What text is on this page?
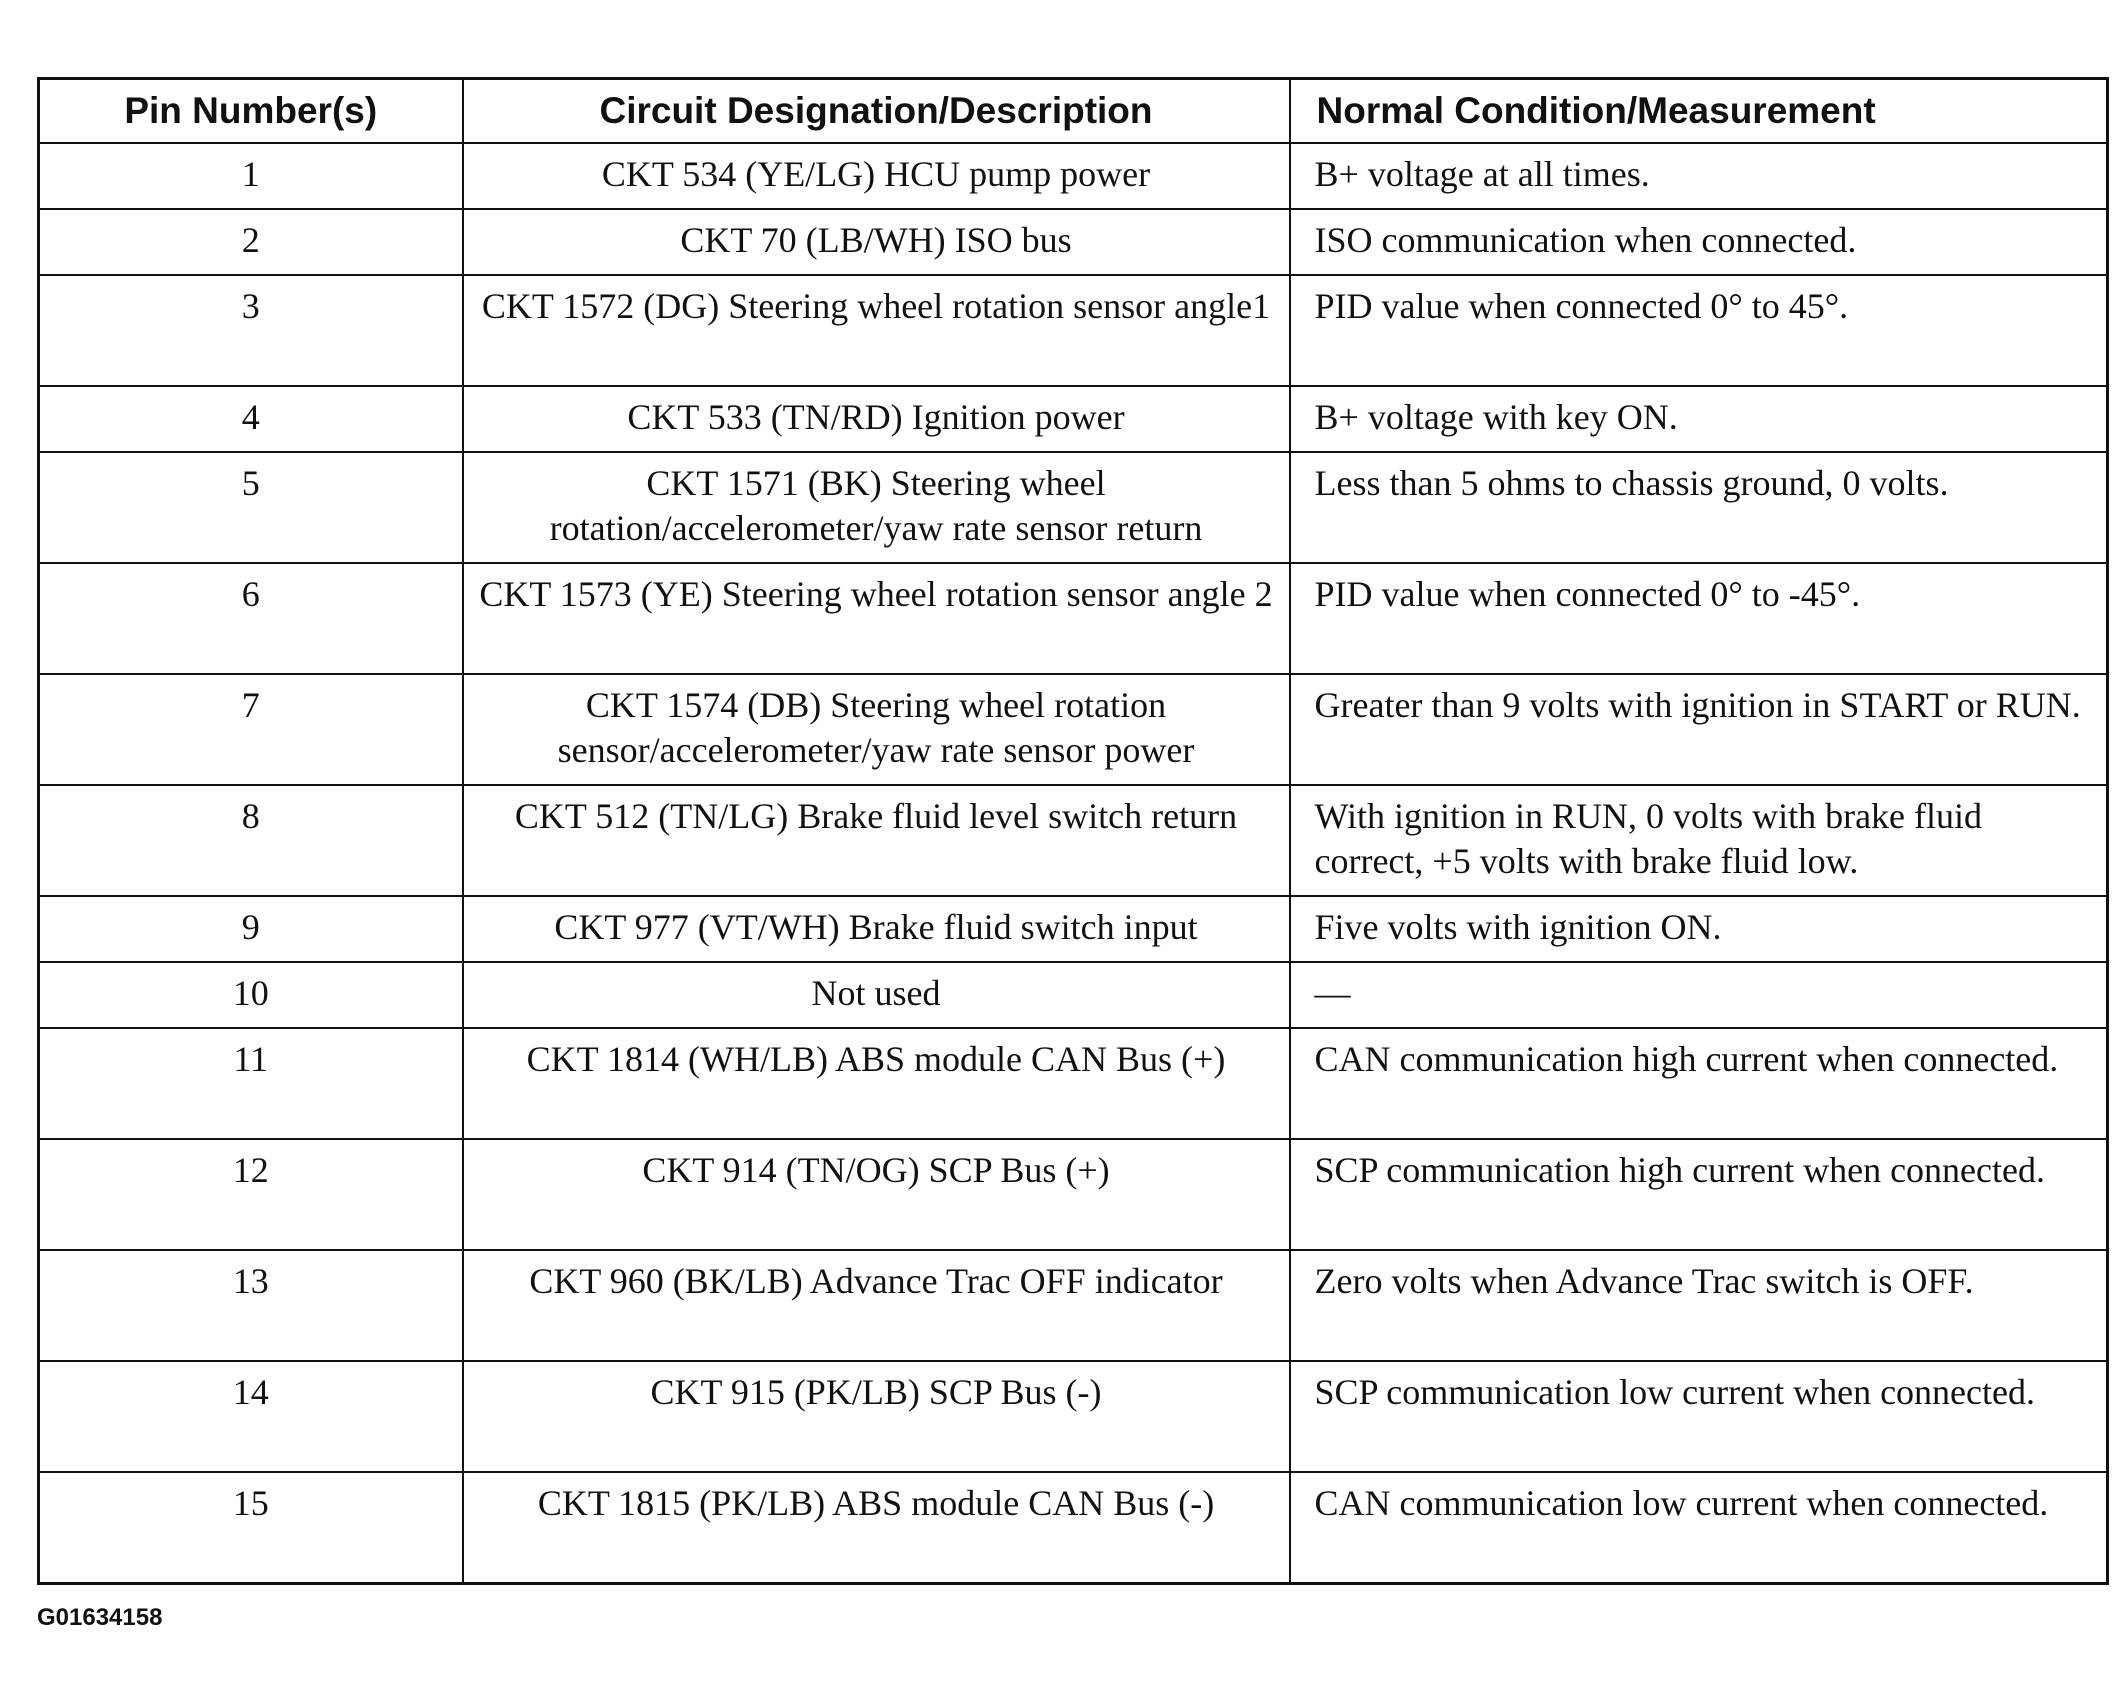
Pin Number(s)	Circuit Designation/Description	Normal Condition/Measurement
1	CKT 534 (YE/LG) HCU pump power	B+ voltage at all times.
2	CKT 70 (LB/WH) ISO bus	ISO communication when connected.
3	CKT 1572 (DG) Steering wheel rotation sensor angle1	PID value when connected 0° to 45°.
4	CKT 533 (TN/RD) Ignition power	B+ voltage with key ON.
5	CKT 1571 (BK) Steering wheel rotation/accelerometer/yaw rate sensor return	Less than 5 ohms to chassis ground, 0 volts.
6	CKT 1573 (YE) Steering wheel rotation sensor angle 2	PID value when connected 0° to -45°.
7	CKT 1574 (DB) Steering wheel rotation sensor/accelerometer/yaw rate sensor power	Greater than 9 volts with ignition in START or RUN.
8	CKT 512 (TN/LG) Brake fluid level switch return	With ignition in RUN, 0 volts with brake fluid correct, +5 volts with brake fluid low.
9	CKT 977 (VT/WH) Brake fluid switch input	Five volts with ignition ON.
10	Not used	—
11	CKT 1814 (WH/LB) ABS module CAN Bus (+)	CAN communication high current when connected.
12	CKT 914 (TN/OG) SCP Bus (+)	SCP communication high current when connected.
13	CKT 960 (BK/LB) Advance Trac OFF indicator	Zero volts when Advance Trac switch is OFF.
14	CKT 915 (PK/LB) SCP Bus (-)	SCP communication low current when connected.
15	CKT 1815 (PK/LB) ABS module CAN Bus (-)	CAN communication low current when connected.
G01634158
